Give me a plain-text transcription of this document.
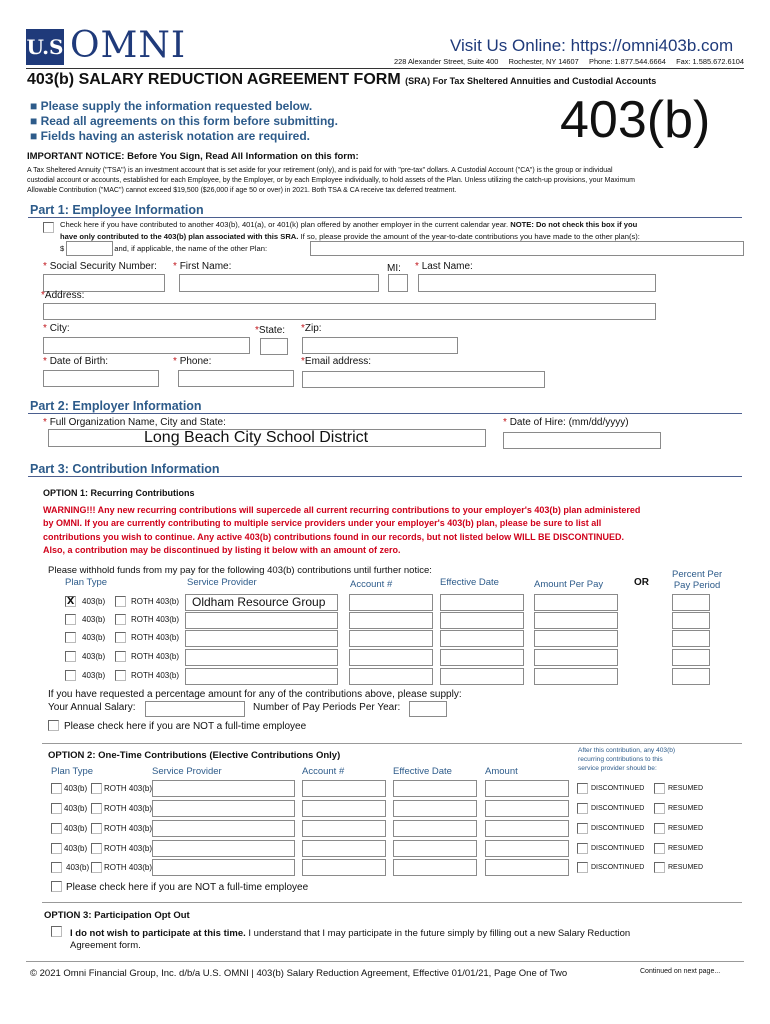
U.S OMNI	Visit Us Online: https://omni403b.com
228 Alexander Street, Suite 400     Rochester, NY 14607     Phone: 1.877.544.6664     Fax: 1.585.672.6104
403(b) SALARY REDUCTION AGREEMENT FORM (SRA) For Tax Sheltered Annuities and Custodial Accounts
■ Please supply the information requested below.
■ Read all agreements on this form before submitting.
■ Fields having an asterisk notation are required.	403(b)
IMPORTANT NOTICE: Before You Sign, Read All Information on this form:
A Tax Sheltered Annuity ("TSA") is an investment account that is set aside for your retirement (only), and is paid for with "pre-tax" dollars. A Custodial Account ("CA") is the group or individual
custodial account or accounts, established for each Employee, by the Employer, or by each Employee individually, to hold assets of the Plan. Unless utilizing the catch-up provisions, your Maximum
Allowable Contribution ("MAC") cannot exceed $19,500 ($26,000 if age 50 or over) in 2021. Both TSA & CA receive tax deferred treatment.
Part 1: Employee Information
Check here if you have contributed to another 403(b), 401(a), or 401(k) plan offered by another employer in the current calendar year. NOTE: Do not check this box if you
have only contributed to the 403(b) plan associated with this SRA. If so, please provide the amount of the year-to-date contributions you have made to the other plan(s):
$	and, if applicable, the name of the other Plan:
* Social Security Number: * First Name:	MI: * Last Name:
*Address:
* City:	*State: *Zip:
* Date of Birth:	* Phone:	*Email address:
Part 2: Employer Information
* Full Organization Name, City and State:
Long Beach City School District
* Date of Hire: (mm/dd/yyyy)
Part 3: Contribution Information
OPTION 1: Recurring Contributions
WARNING!!! Any new recurring contributions will supercede all current recurring contributions to your employer's 403(b) plan administered
by OMNI. If you are currently contributing to multiple service providers under your employer's 403(b) plan, please be sure to list all
contributions you wish to continue. Any active 403(b) contributions found in our records, but not listed below WILL BE DISCONTINUED.
Also, a contribution may be discontinued by listing it below with an amount of zero.
Please withhold funds from my pay for the following 403(b) contributions until further notice:
Plan Type	Service Provider	Account #	Effective Date	Amount Per Pay	OR
Percent Per
Pay Period
x 403(b)	ROTH 403(b)	Oldham Resource Group
403(b)	ROTH 403(b)
403(b)	ROTH 403(b)
403(b)	ROTH 403(b)
403(b)	ROTH 403(b)
If you have requested a percentage amount for any of the contributions above, please supply:
Your Annual Salary:	Number of Pay Periods Per Year:
Please check here if you are NOT a full-time employee
OPTION 2: One-Time Contributions (Elective Contributions Only)	After this contribution, any 403(b)
recurring contributions to this
service provider should be:
Plan Type	Service Provider	Account #	Effective Date	Amount
403(b) ROTH 403(b)	DISCONTINUED	RESUMED
403(b) ROTH 403(b)	DISCONTINUED	RESUMED
403(b) ROTH 403(b)	DISCONTINUED	RESUMED
403(b) ROTH 403(b)	DISCONTINUED	RESUMED
403(b) ROTH 403(b)	DISCONTINUED	RESUMED
Please check here if you are NOT a full-time employee
OPTION 3: Participation Opt Out
I do not wish to participate at this time. I understand that I may participate in the future simply by filling out a new Salary Reduction
Agreement form.
© 2021 Omni Financial Group, Inc. d/b/a U.S. OMNI | 403(b) Salary Reduction Agreement, Effective 01/01/21, Page One of Two	Continued on next page...
